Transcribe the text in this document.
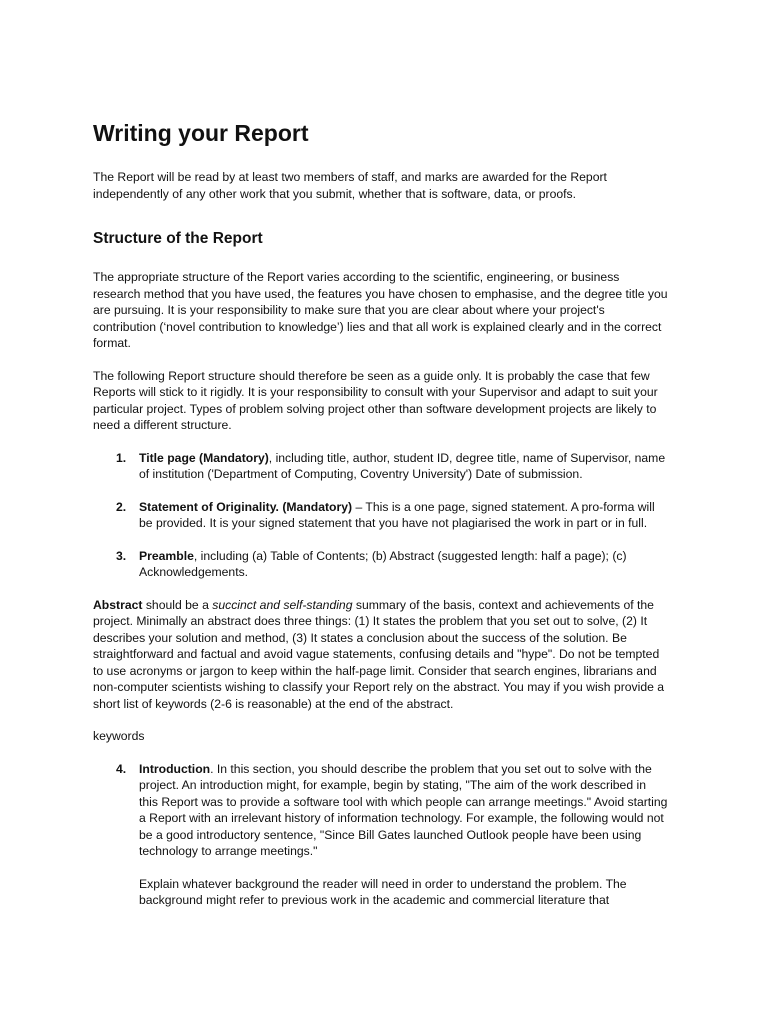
Writing your Report

The Report will be read by at least two members of staff, and marks are awarded for the Report independently of any other work that you submit, whether that is software, data, or proofs.

Structure of the Report

The appropriate structure of the Report varies according to the scientific, engineering, or business research method that you have used, the features you have chosen to emphasise, and the degree title you are pursuing. It is your responsibility to make sure that you are clear about where your project's contribution (‘novel contribution to knowledge’) lies and that all work is explained clearly and in the correct format.

The following Report structure should therefore be seen as a guide only. It is probably the case that few Reports will stick to it rigidly. It is your responsibility to consult with your Supervisor and adapt to suit your particular project. Types of problem solving project other than software development projects are likely to need a different structure.

1. Title page (Mandatory), including title, author, student ID, degree title, name of Supervisor, name of institution ('Department of Computing, Coventry University') Date of submission.
2. Statement of Originality. (Mandatory) – This is a one page, signed statement. A pro-forma will be provided. It is your signed statement that you have not plagiarised the work in part or in full.
3. Preamble, including (a) Table of Contents; (b) Abstract (suggested length: half a page); (c) Acknowledgements.

Abstract should be a succinct and self-standing summary of the basis, context and achievements of the project. Minimally an abstract does three things: (1) It states the problem that you set out to solve, (2) It describes your solution and method, (3) It states a conclusion about the success of the solution. Be straightforward and factual and avoid vague statements, confusing details and "hype". Do not be tempted to use acronyms or jargon to keep within the half-page limit. Consider that search engines, librarians and non-computer scientists wishing to classify your Report rely on the abstract. You may if you wish provide a short list of keywords (2-6 is reasonable) at the end of the abstract.

keywords

4. Introduction. In this section, you should describe the problem that you set out to solve with the project. An introduction might, for example, begin by stating, "The aim of the work described in this Report was to provide a software tool with which people can arrange meetings." Avoid starting a Report with an irrelevant history of information technology. For example, the following would not be a good introductory sentence, "Since Bill Gates launched Outlook people have been using technology to arrange meetings."
Explain whatever background the reader will need in order to understand the problem. The background might refer to previous work in the academic and commercial literature that
